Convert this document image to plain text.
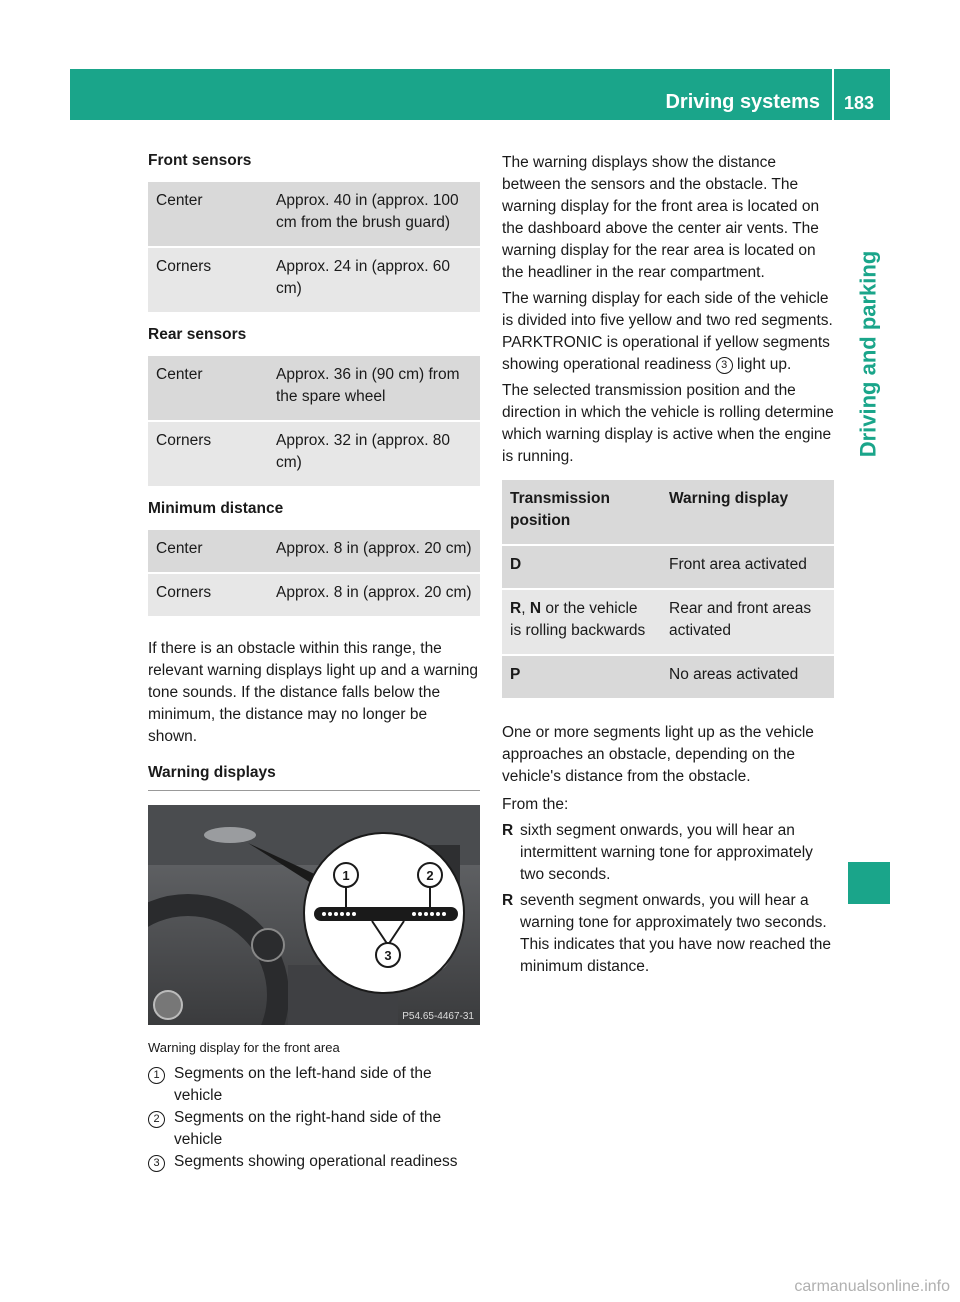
Driving systems 183
Driving and parking
Front sensors
Center	Approx. 40 in (approx. 100 cm from the brush guard)
Corners	Approx. 24 in (approx. 60 cm)
Rear sensors
Center	Approx. 36 in (90 cm) from the spare wheel
Corners	Approx. 32 in (approx. 80 cm)
Minimum distance
Center	Approx. 8 in (approx. 20 cm)
Corners	Approx. 8 in (approx. 20 cm)

If there is an obstacle within this range, the relevant warning displays light up and a warning tone sounds. If the distance falls below the minimum, the distance may no longer be shown.

Warning displays
1	2
3
P54.65-4467-31
Warning display for the front area
1 Segments on the left-hand side of the vehicle
2 Segments on the right-hand side of the vehicle
3 Segments showing operational readiness

The warning displays show the distance between the sensors and the obstacle. The warning display for the front area is located on the dashboard above the center air vents. The warning display for the rear area is located on the headliner in the rear compartment.

The warning display for each side of the vehicle is divided into five yellow and two red segments. PARKTRONIC is operational if yellow segments showing operational readiness 3 light up.

The selected transmission position and the direction in which the vehicle is rolling determine which warning display is active when the engine is running.

Transmission position	Warning display
D	Front area activated
R, N or the vehicle is rolling backwards	Rear and front areas activated
P	No areas activated

One or more segments light up as the vehicle approaches an obstacle, depending on the vehicle's distance from the obstacle.

From the:
R sixth segment onwards, you will hear an intermittent warning tone for approximately two seconds.
R seventh segment onwards, you will hear a warning tone for approximately two seconds. This indicates that you have now reached the minimum distance.
carmanualsonline.info
